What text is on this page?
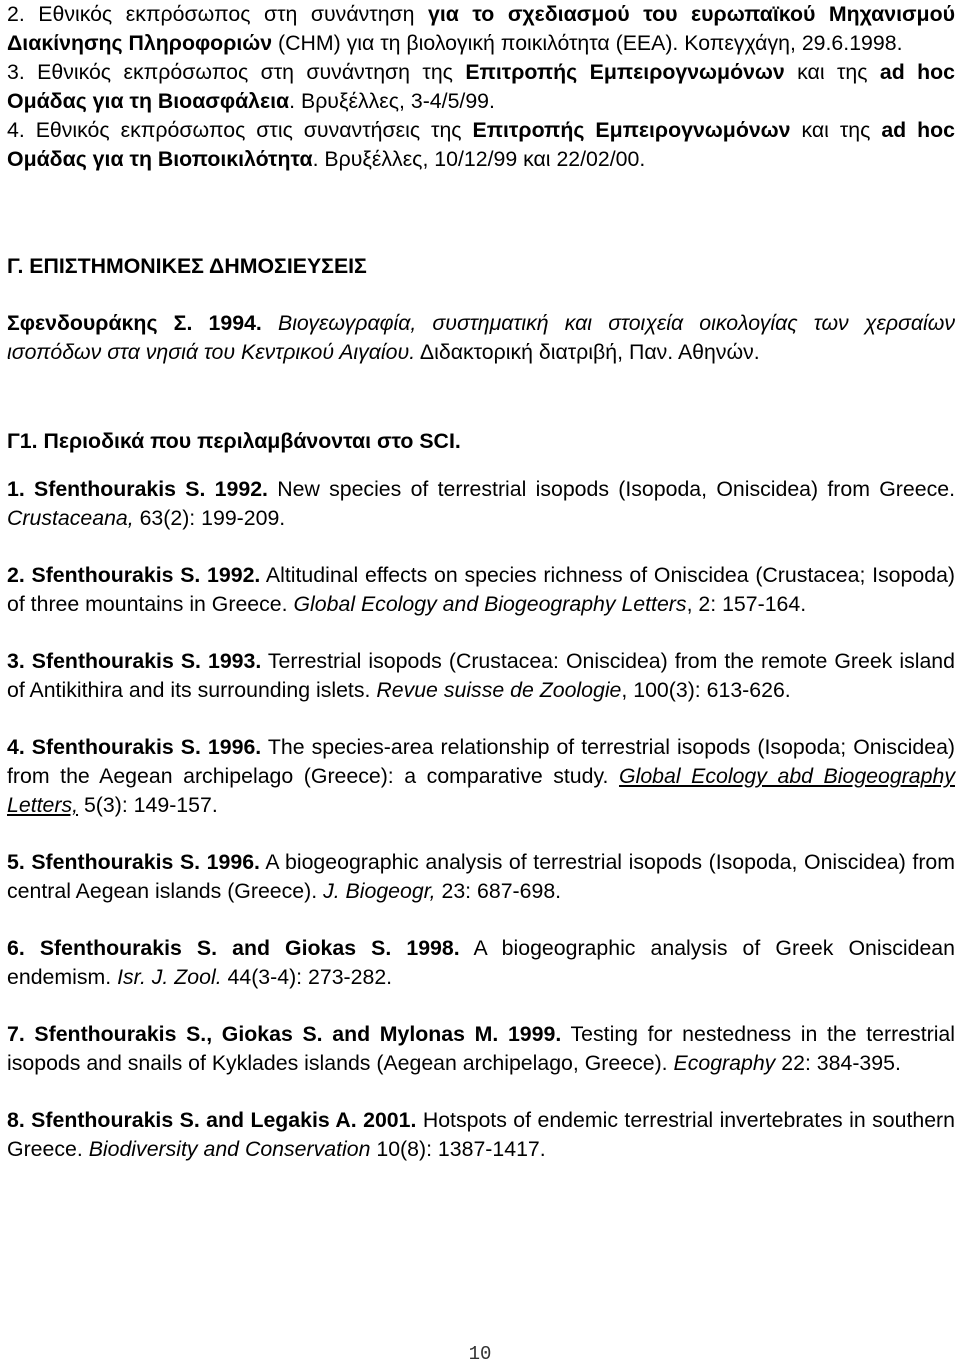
2. Εθνικός εκπρόσωπος στη συνάντηση για το σχεδιασμού του ευρωπαϊκού Μηχανισμού Διακίνησης Πληροφοριών (CHM) για τη βιολογική ποικιλότητα (ΕΕΑ). Κοπεγχάγη, 29.6.1998.

3. Εθνικός εκπρόσωπος στη συνάντηση της Επιτροπής Εμπειρογνωμόνων και της ad hoc Ομάδας για τη Βιοασφάλεια. Βρυξέλλες, 3-4/5/99.

4. Εθνικός εκπρόσωπος στις συναντήσεις της Επιτροπής Εμπειρογνωμόνων και της ad hoc Ομάδας για τη Βιοποικιλότητα. Βρυξέλλες, 10/12/99 και 22/02/00.

Γ. ΕΠΙΣΤΗΜΟΝΙΚΕΣ ΔΗΜΟΣΙΕΥΣΕΙΣ

Σφενδουράκης Σ. 1994. Βιογεωγραφία, συστηματική και στοιχεία οικολογίας των χερσαίων ισοπόδων στα νησιά του Κεντρικού Αιγαίου. Διδακτορική διατριβή, Παν. Αθηνών.

Γ1. Περιοδικά που περιλαμβάνονται στο SCI.

1. Sfenthourakis S. 1992. New species of terrestrial isopods (Isopoda, Oniscidea) from Greece. Crustaceana, 63(2): 199-209.

2. Sfenthourakis S. 1992. Altitudinal effects on species richness of Oniscidea (Crustacea; Isopoda) of three mountains in Greece. Global Ecology and Biogeography Letters, 2: 157-164.

3. Sfenthourakis S. 1993. Terrestrial isopods (Crustacea: Oniscidea) from the remote Greek island of Antikithira and its surrounding islets. Revue suisse de Zoologie, 100(3): 613-626.

4. Sfenthourakis S. 1996. The species-area relationship of terrestrial isopods (Isopoda; Oniscidea) from the Aegean archipelago (Greece): a comparative study. Global Ecology abd Biogeography Letters, 5(3): 149-157.

5. Sfenthourakis S. 1996. A biogeographic analysis of terrestrial isopods (Isopoda, Oniscidea) from central Aegean islands (Greece). J. Biogeogr, 23: 687-698.

6. Sfenthourakis S. and Giokas S. 1998. A biogeographic analysis of Greek Oniscidean endemism. Isr. J. Zool. 44(3-4): 273-282.

7. Sfenthourakis S., Giokas S. and Mylonas M. 1999. Testing for nestedness in the terrestrial isopods and snails of Kyklades islands (Aegean archipelago, Greece). Ecography 22: 384-395.

8. Sfenthourakis S. and Legakis A. 2001. Hotspots of endemic terrestrial invertebrates in southern Greece. Biodiversity and Conservation 10(8): 1387-1417.

10
